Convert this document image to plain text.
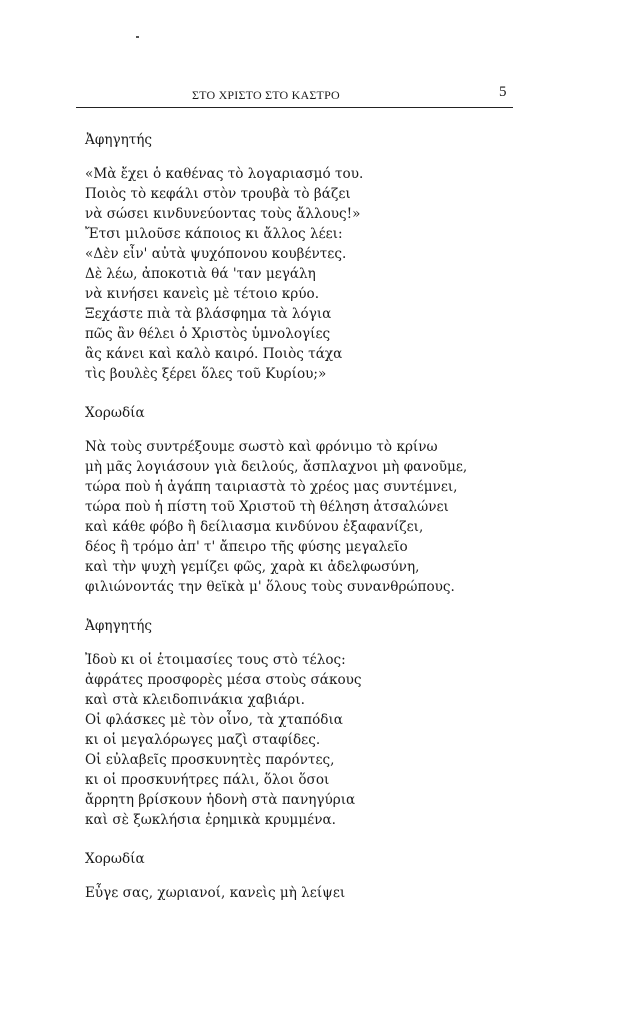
ΣΤΟ ΧΡΙΣΤΟ ΣΤΟ ΚΑΣΤΡΟ	5
Ἀφηγητής
«Μὰ ἔχει ὁ καθένας τὸ λογαριασμό του.
Ποιὸς τὸ κεφάλι στὸν τρουβὰ τὸ βάζει
νὰ σώσει κινδυνεύοντας τοὺς ἄλλους!»
Ἔτσι μιλοῦσε κάποιος κι ἄλλος λέει:
«Δὲν εἶν' αὐτὰ ψυχόπονου κουβέντες.
Δὲ λέω, ἀποκοτιὰ θά 'ταν μεγάλη
νὰ κινήσει κανεὶς μὲ τέτοιο κρύο.
Ξεχάστε πιὰ τὰ βλάσφημα τὰ λόγια
πῶς ἂν θέλει ὁ Χριστὸς ὑμνολογίες
ἂς κάνει καὶ καλὸ καιρό. Ποιὸς τάχα
τὶς βουλὲς ξέρει ὅλες τοῦ Κυρίου;»
Χορωδία
Νὰ τοὺς συντρέξουμε σωστὸ καὶ φρόνιμο τὸ κρίνω
μὴ μᾶς λογιάσουν γιὰ δειλούς, ἄσπλαχνοι μὴ φανοῦμε,
τώρα ποὺ ἡ ἀγάπη ταιριαστὰ τὸ χρέος μας συντέμνει,
τώρα ποὺ ἡ πίστη τοῦ Χριστοῦ τὴ θέληση ἀτσαλώνει
καὶ κάθε φόβο ἢ δείλιασμα κινδύνου ἐξαφανίζει,
δέος ἢ τρόμο ἀπ' τ' ἄπειρο τῆς φύσης μεγαλεῖο
καὶ τὴν ψυχὴ γεμίζει φῶς, χαρὰ κι ἀδελφωσύνη,
φιλιώνοντάς την θεϊκὰ μ' ὅλους τοὺς συνανθρώπους.
Ἀφηγητής
Ἰδοὺ κι οἱ ἑτοιμασίες τους στὸ τέλος:
ἀφράτες προσφορὲς μέσα στοὺς σάκους
καὶ στὰ κλειδοπινάκια χαβιάρι.
Οἱ φλάσκες μὲ τὸν οἶνο, τὰ χταπόδια
κι οἱ μεγαλόρωγες μαζὶ σταφίδες.
Οἱ εὐλαβεῖς προσκυνητὲς παρόντες,
κι οἱ προσκυνήτρες πάλι, ὅλοι ὅσοι
ἄρρητη βρίσκουν ἡδονὴ στὰ πανηγύρια
καὶ σὲ ξωκλήσια ἐρημικὰ κρυμμένα.
Χορωδία
Εὖγε σας, χωριανοί, κανεὶς μὴ λείψει
